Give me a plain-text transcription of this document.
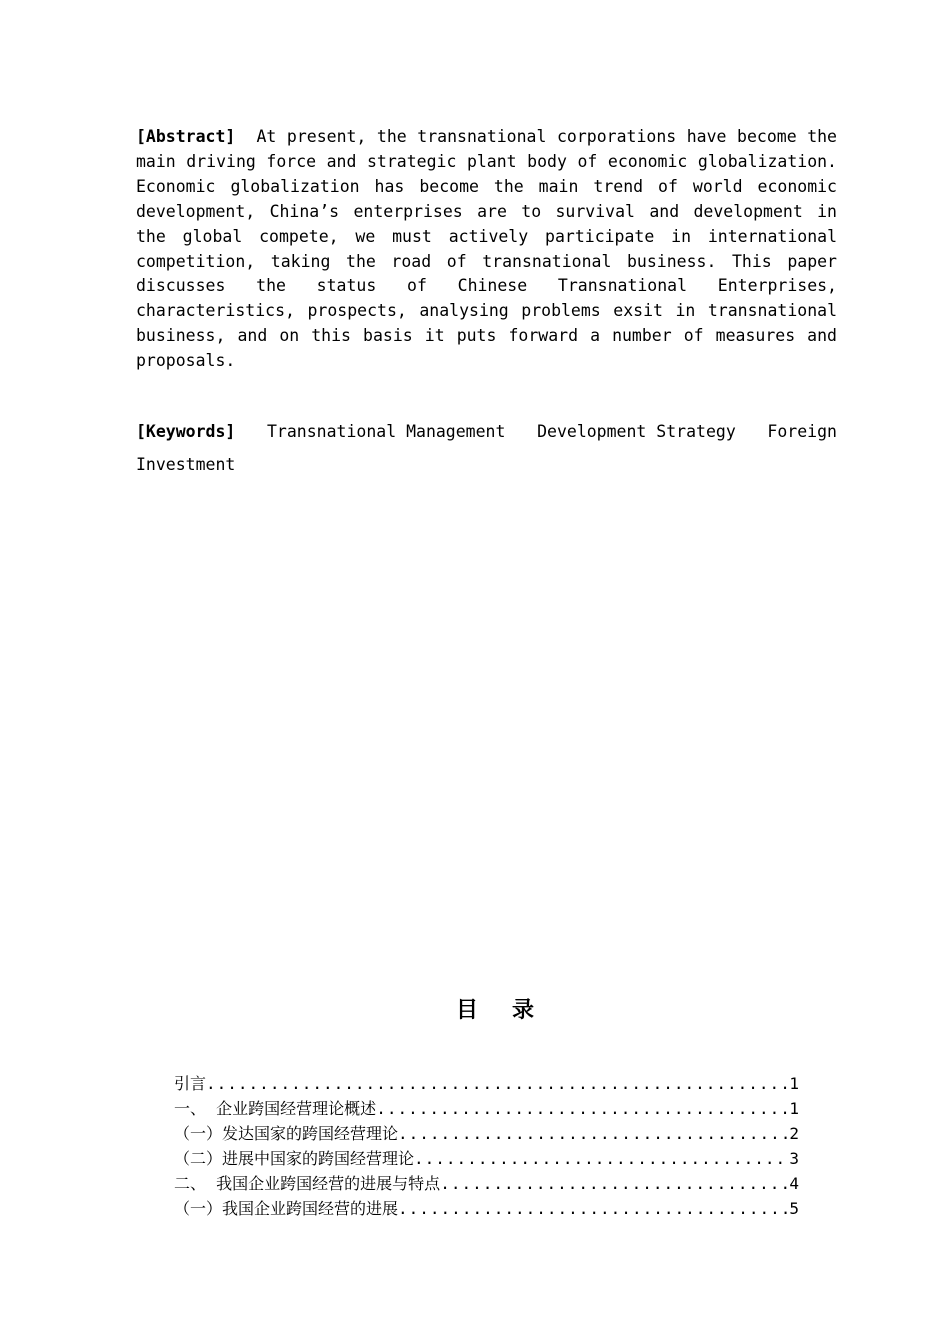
[Abstract] At present, the transnational corporations have become the main driving force and strategic plant body of economic globalization. Economic globalization has become the main trend of world economic development, China’s enterprises are to survival and development in the global compete, we must actively participate in international competition, taking the road of transnational business. This paper discusses the status of Chinese Transnational Enterprises, characteristics, prospects, analysing problems exsit in transnational business, and on this basis it puts forward a number of measures and proposals.

[Keywords] Transnational Management Development Strategy Foreign
Investment
目录
引言 .....	1
一、  企业跨国经营理论概述 .....	1
（一）发达国家的跨国经营理论 .....	2
（二）进展中国家的跨国经营理论 .....	3
二、  我国企业跨国经营的进展与特点 .....	4
（一）我国企业跨国经营的进展 .....	5
